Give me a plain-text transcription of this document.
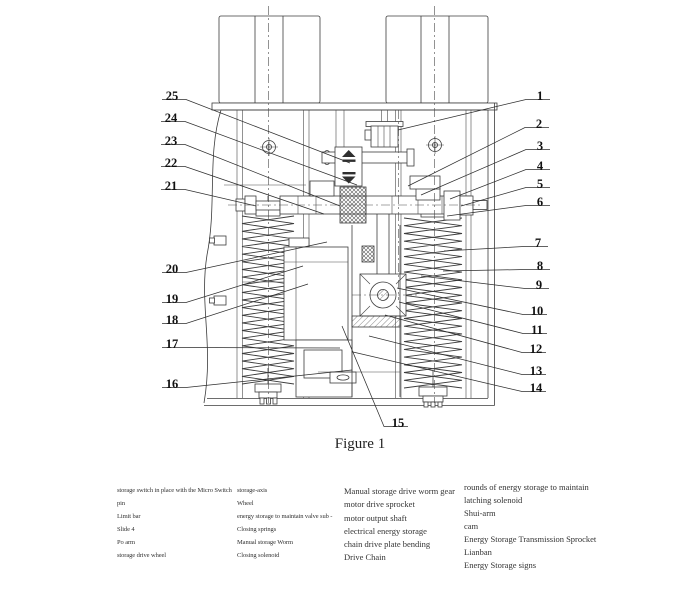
1
2
3
4
5
6
7
8
9
10
11
12
13
14
15
16
17
18
19
20
21
22
23
24
25
Figure 1
storage switch in place with the Micro Switch
pin
Limit bar
Slide 4
Po arm
storage drive wheel
storage-axis
Wheel
energy storage to maintain valve sub -
Closing springs
Manual storage Worm
Closing solenoid
Manual storage drive worm gear
motor drive sprocket
motor output shaft
electrical energy storage
chain drive plate bending
Drive Chain
rounds of energy storage to maintain
latching solenoid
Shui-arm
cam
Energy Storage Transmission Sprocket
Lianban
Energy Storage signs
